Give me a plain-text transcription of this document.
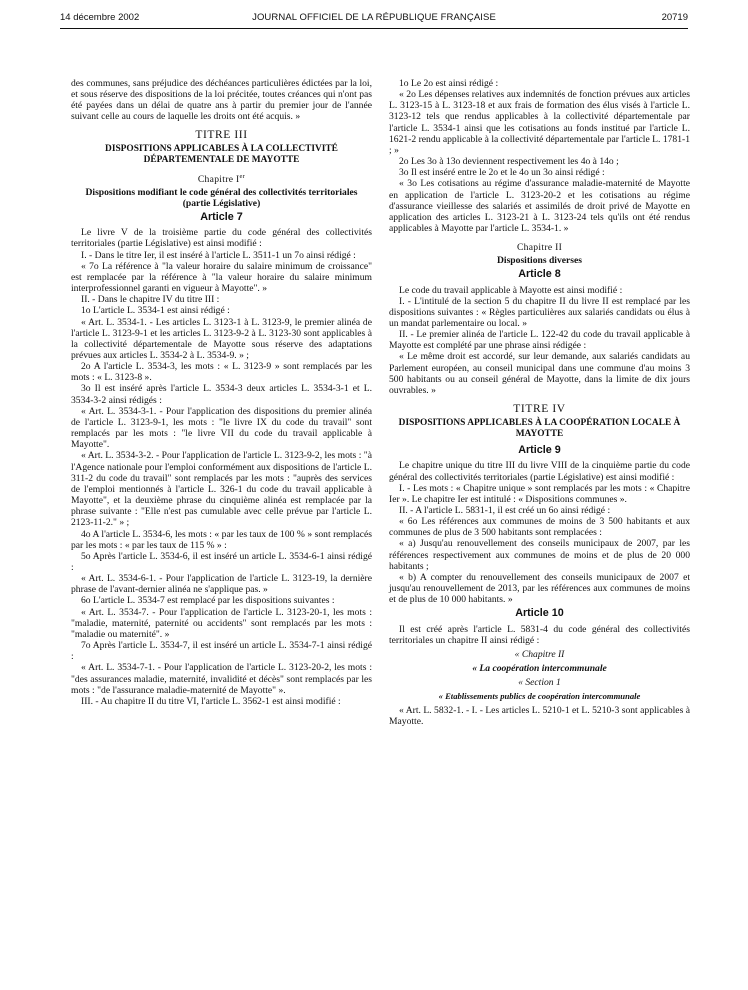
14 décembre 2002	JOURNAL OFFICIEL DE LA RÉPUBLIQUE FRANÇAISE	20719

des communes, sans préjudice des déchéances particulières édictées par la loi, et sous réserve des dispositions de la loi précitée, toutes créances qui n'ont pas été payées dans un délai de quatre ans à partir du premier jour de l'année suivant celle au cours de laquelle les droits ont été acquis. »

TITRE III
DISPOSITIONS APPLICABLES À LA COLLECTIVITÉ DÉPARTEMENTALE DE MAYOTTE
Chapitre Ier
Dispositions modifiant le code général des collectivités territoriales (partie Législative)
Article 7

Le livre V de la troisième partie du code général des collectivités territoriales (partie Législative) est ainsi modifié :

I. - Dans le titre Ier, il est inséré à l'article L. 3511-1 un 7o ainsi rédigé :

« 7o La référence à "la valeur horaire du salaire minimum de croissance" est remplacée par la référence à "la valeur horaire du salaire minimum interprofessionnel garanti en vigueur à Mayotte". »

II. - Dans le chapitre IV du titre III :

1o L'article L. 3534-1 est ainsi rédigé :

« Art. L. 3534-1. - Les articles L. 3123-1 à L. 3123-9, le premier alinéa de l'article L. 3123-9-1 et les articles L. 3123-9-2 à L. 3123-30 sont applicables à la collectivité départementale de Mayotte sous réserve des adaptations prévues aux articles L. 3534-2 à L. 3534-9. » ;

2o A l'article L. 3534-3, les mots : « L. 3123-9 » sont remplacés par les mots : « L. 3123-8 ».

3o Il est inséré après l'article L. 3534-3 deux articles L. 3534-3-1 et L. 3534-3-2 ainsi rédigés :

« Art. L. 3534-3-1. - Pour l'application des dispositions du premier alinéa de l'article L. 3123-9-1, les mots : "le livre IX du code du travail" sont remplacés par les mots : "le livre VII du code du travail applicable à Mayotte".

« Art. L. 3534-3-2. - Pour l'application de l'article L. 3123-9-2, les mots : "à l'Agence nationale pour l'emploi conformément aux dispositions de l'article L. 311-2 du code du travail" sont remplacés par les mots : "auprès des services de l'emploi mentionnés à l'article L. 326-1 du code du travail applicable à Mayotte", et la deuxième phrase du cinquième alinéa est remplacée par la phrase suivante : "Elle n'est pas cumulable avec celle prévue par l'article L. 2123-11-2." » ;

4o A l'article L. 3534-6, les mots : « par les taux de 100 % » sont remplacés par les mots : « par les taux de 115 % » :

5o Après l'article L. 3534-6, il est inséré un article L. 3534-6-1 ainsi rédigé :

« Art. L. 3534-6-1. - Pour l'application de l'article L. 3123-19, la dernière phrase de l'avant-dernier alinéa ne s'applique pas. »

6o L'article L. 3534-7 est remplacé par les dispositions suivantes :

« Art. L. 3534-7. - Pour l'application de l'article L. 3123-20-1, les mots : "maladie, maternité, paternité ou accidents" sont remplacés par les mots : "maladie ou maternité". »

7o Après l'article L. 3534-7, il est inséré un article L. 3534-7-1 ainsi rédigé :

« Art. L. 3534-7-1. - Pour l'application de l'article L. 3123-20-2, les mots : "des assurances maladie, maternité, invalidité et décès" sont remplacés par les mots : "de l'assurance maladie-maternité de Mayotte" ».

III. - Au chapitre II du titre VI, l'article L. 3562-1 est ainsi modifié :

1o Le 2o est ainsi rédigé :

« 2o Les dépenses relatives aux indemnités de fonction prévues aux articles L. 3123-15 à L. 3123-18 et aux frais de formation des élus visés à l'article L. 3123-12 tels que rendus applicables à la collectivité départementale par l'article L. 3534-1 ainsi que les cotisations au fonds institué par l'article L. 1621-2 rendu applicable à la collectivité départementale par l'article L. 1781-1 ; »

2o Les 3o à 13o deviennent respectivement les 4o à 14o ;

3o Il est inséré entre le 2o et le 4o un 3o ainsi rédigé :

« 3o Les cotisations au régime d'assurance maladie-maternité de Mayotte en application de l'article L. 3123-20-2 et les cotisations au régime d'assurance vieillesse des salariés et assimilés de droit privé de Mayotte en application des articles L. 3123-21 à L. 3123-24 tels qu'ils ont été rendus applicables à Mayotte par l'article L. 3534-1. »

Chapitre II
Dispositions diverses
Article 8

Le code du travail applicable à Mayotte est ainsi modifié :

I. - L'intitulé de la section 5 du chapitre II du livre II est remplacé par les dispositions suivantes : « Règles particulières aux salariés candidats ou élus à un mandat parlementaire ou local. »

II. - Le premier alinéa de l'article L. 122-42 du code du travail applicable à Mayotte est complété par une phrase ainsi rédigée :

« Le même droit est accordé, sur leur demande, aux salariés candidats au Parlement européen, au conseil municipal dans une commune d'au moins 3 500 habitants ou au conseil général de Mayotte, dans la limite de dix jours ouvrables. »

TITRE IV
DISPOSITIONS APPLICABLES À LA COOPÉRATION LOCALE À MAYOTTE
Article 9

Le chapitre unique du titre III du livre VIII de la cinquième partie du code général des collectivités territoriales (partie Législative) est ainsi modifié :

I. - Les mots : « Chapitre unique » sont remplacés par les mots : « Chapitre Ier ». Le chapitre Ier est intitulé : « Dispositions communes ».

II. - A l'article L. 5831-1, il est créé un 6o ainsi rédigé :

« 6o Les références aux communes de moins de 3 500 habitants et aux communes de plus de 3 500 habitants sont remplacées :

« a) Jusqu'au renouvellement des conseils municipaux de 2007, par les références respectivement aux communes de moins et de plus de 20 000 habitants ;

« b) A compter du renouvellement des conseils municipaux de 2007 et jusqu'au renouvellement de 2013, par les références aux communes de moins et de plus de 10 000 habitants. »

Article 10

Il est créé après l'article L. 5831-4 du code général des collectivités territoriales un chapitre II ainsi rédigé :

« Chapitre II
« La coopération intercommunale
« Section 1
« Etablissements publics de coopération intercommunale

« Art. L. 5832-1. - I. - Les articles L. 5210-1 et L. 5210-3 sont applicables à Mayotte.
